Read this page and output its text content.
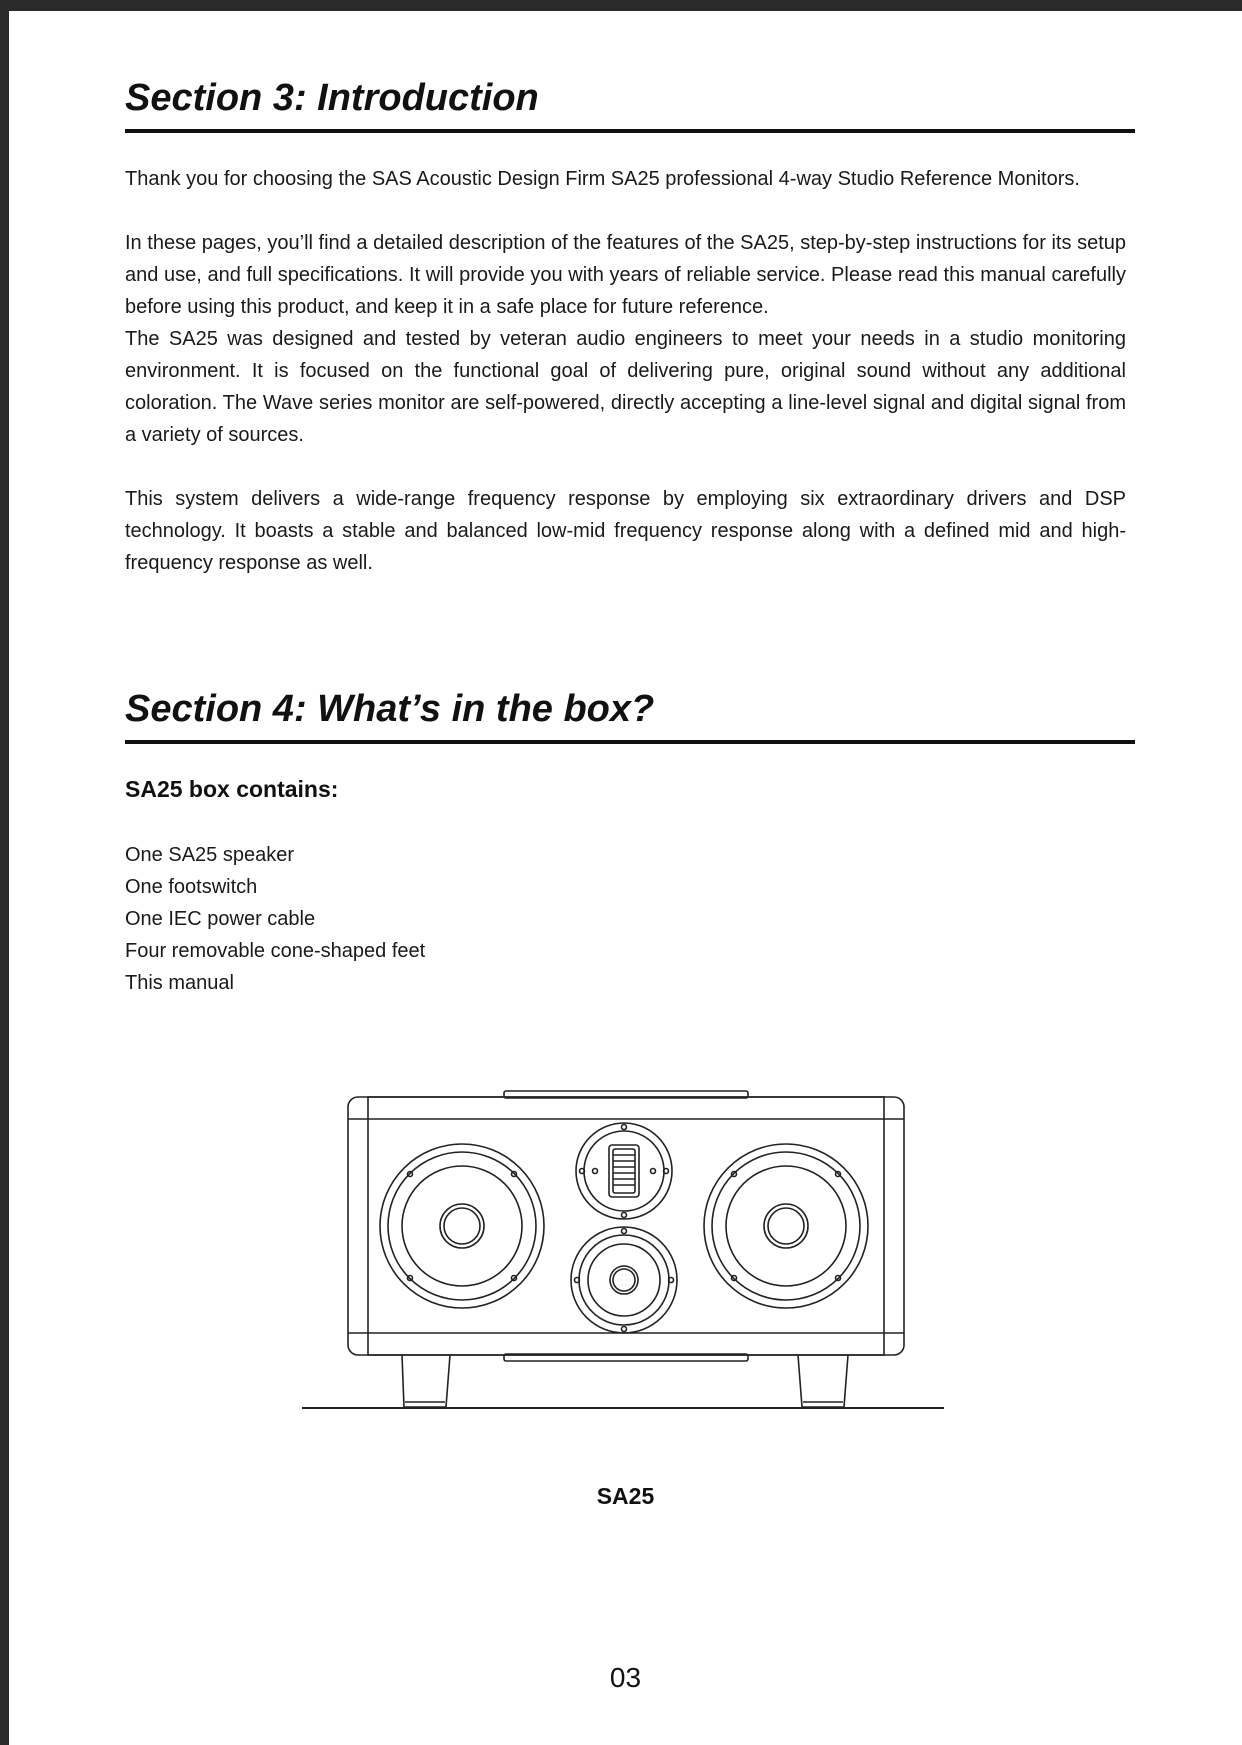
Section 3: Introduction

Thank you for choosing the SAS Acoustic Design Firm SA25 professional 4-way Studio Reference Monitors.

In these pages, you’ll find a detailed description of the features of the SA25, step-by-step instructions for its setup and use, and full specifications. It will provide you with years of reliable service. Please read this manual carefully before using this product, and keep it in a safe place for future reference.

The SA25 was designed and tested by veteran audio engineers to meet your needs in a studio monitoring environment. It is focused on the functional goal of delivering pure, original sound without any additional coloration. The Wave series monitor are self-powered, directly accepting a line-level signal and digital signal from a variety of sources.

This system delivers a wide-range frequency response by employing six extraordinary drivers and DSP technology. It boasts a stable and balanced low-mid frequency response along with a defined mid and high-frequency response as well.

Section 4: What’s in the box?
SA25 box contains:
One SA25 speaker
One footswitch
One IEC power cable
Four removable cone-shaped feet
This manual
SA25
03
